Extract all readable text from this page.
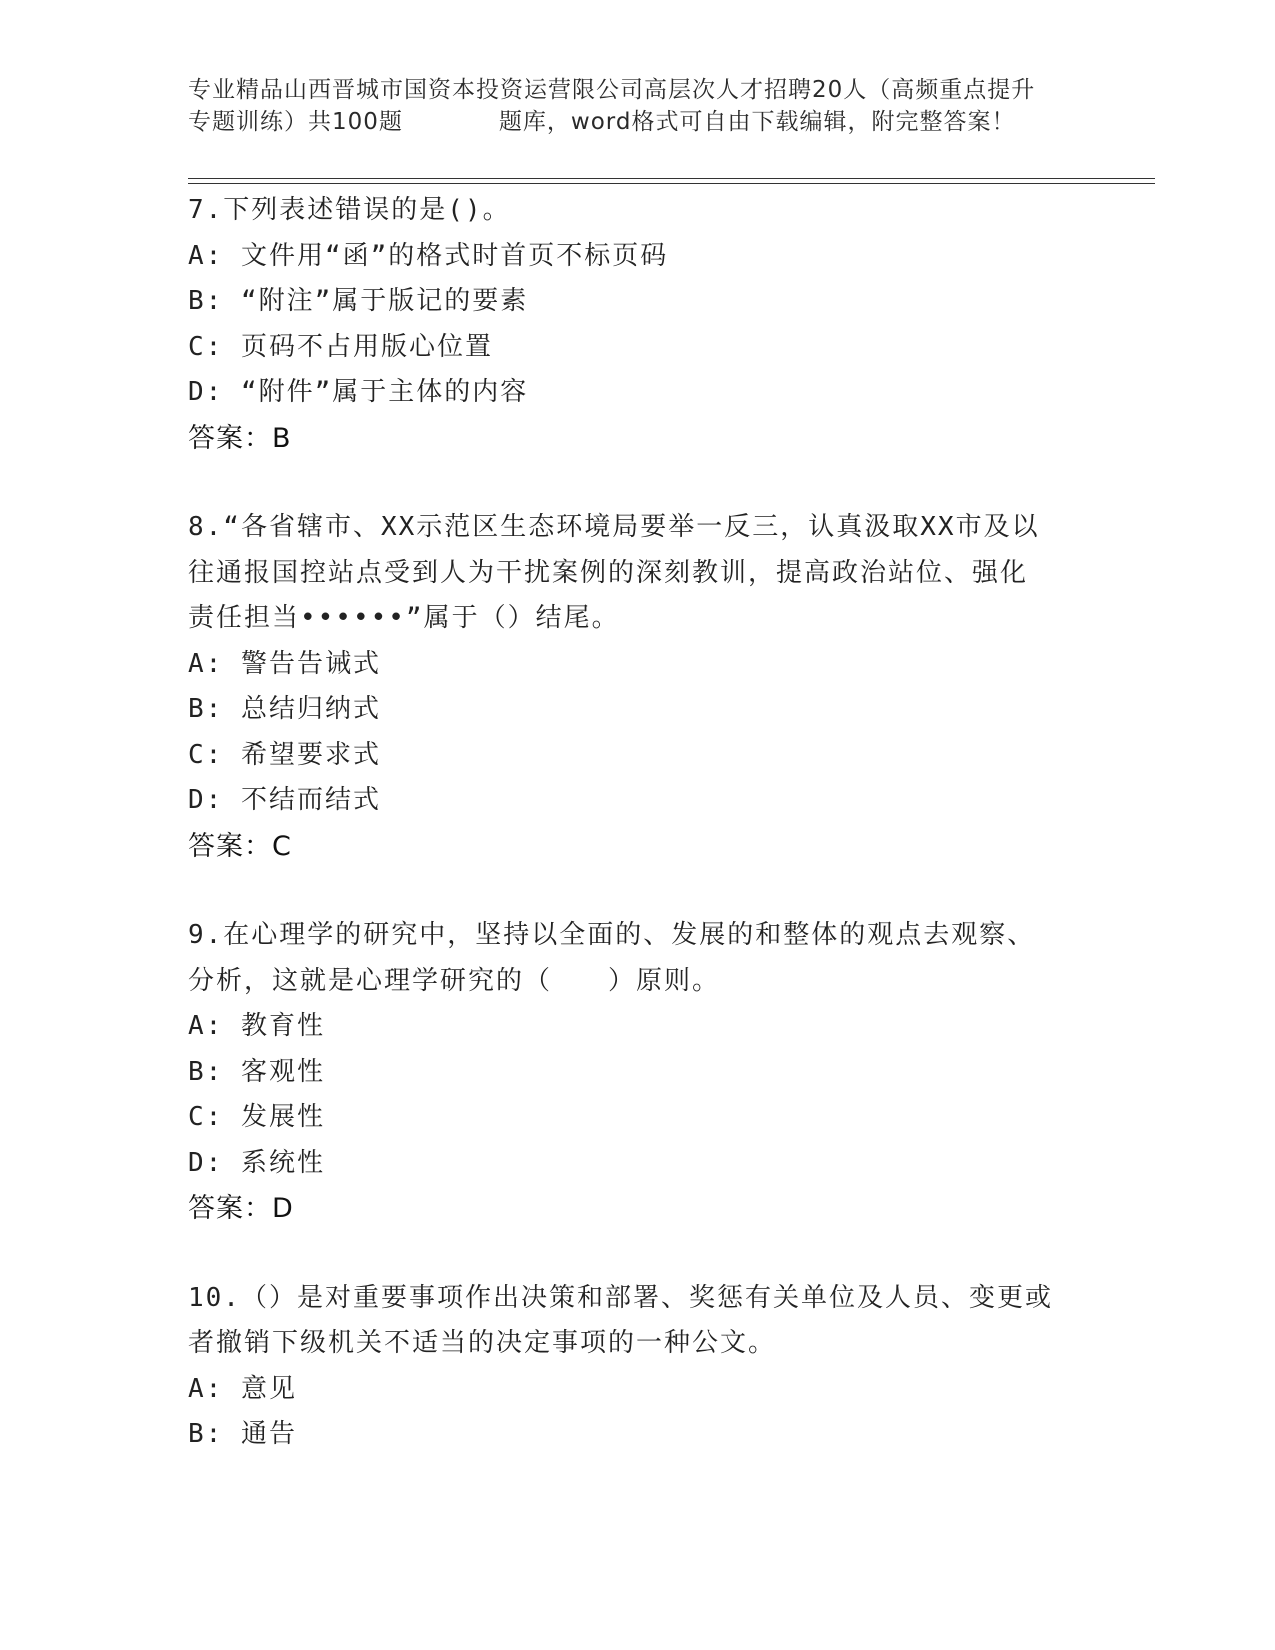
专业精品山西晋城市国资本投资运营限公司高层次人才招聘20人（高频重点提升
专题训练）共100题	题库，word格式可自由下载编辑，附完整答案！
7.下列表述错误的是()。
A: 文件用“函”的格式时首页不标页码
B: “附注”属于版记的要素
C: 页码不占用版心位置
D: “附件”属于主体的内容
答案：B
8.“各省辖市、XX示范区生态环境局要举一反三，认真汲取XX市及以
往通报国控站点受到人为干扰案例的深刻教训，提高政治站位、强化
责任担当••••••”属于（）结尾。
A: 警告告诫式
B: 总结归纳式
C: 希望要求式
D: 不结而结式
答案：C
9.在心理学的研究中，坚持以全面的、发展的和整体的观点去观察、
分析，这就是心理学研究的（　　）原则。
A: 教育性
B: 客观性
C: 发展性
D: 系统性
答案：D
10.（）是对重要事项作出决策和部署、奖惩有关单位及人员、变更或
者撤销下级机关不适当的决定事项的一种公文。
A: 意见
B: 通告
